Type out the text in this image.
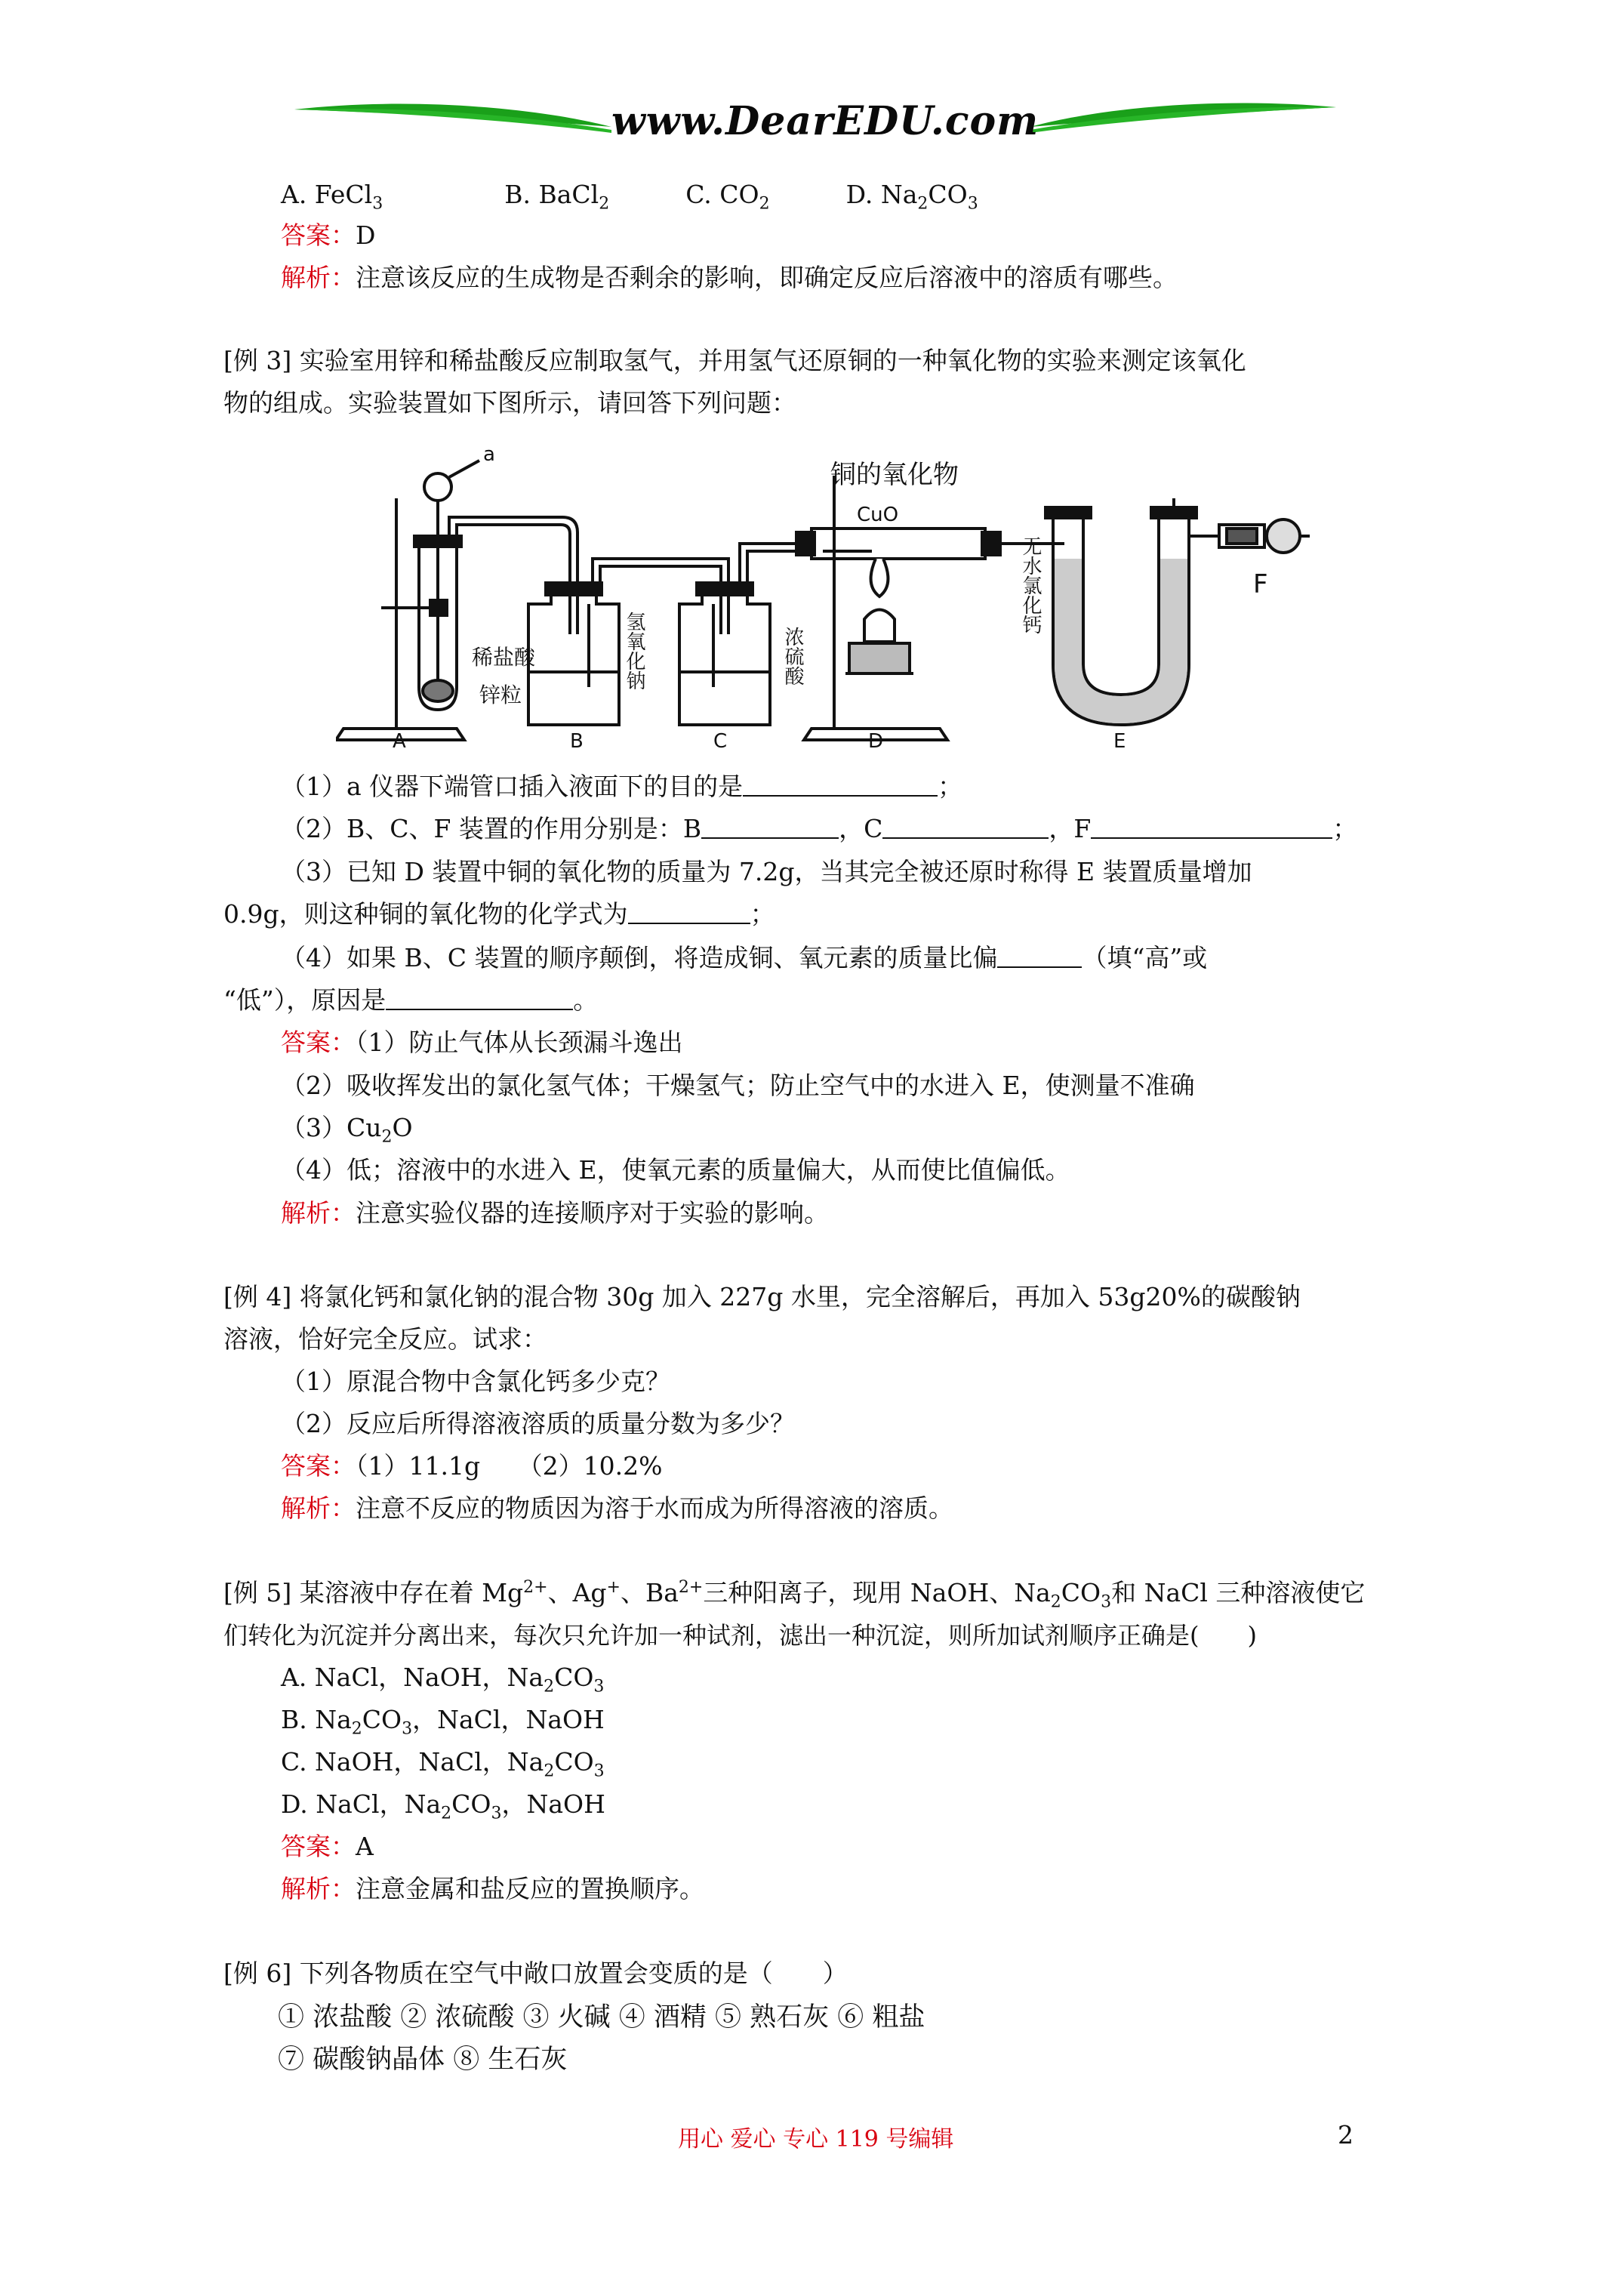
www.DearEDU.com
A. FeCl$_3$	B. BaCl$_2$	C. $CO_2$	D. $Na_2CO_3$
答案：D
解析：注意该反应的生成物是否剩余的影响，即确定反应后溶液中的溶质有哪些。
[例 3] 实验室用锌和稀盐酸反应制取氢气，并用氢气还原铜的一种氧化物的实验来测定该氧化
物的组成。实验装置如下图所示，请回答下列问题：
a
铜的氧化物
CuO
稀盐酸
锌粒
A	B	C	D	E
F
氢氧化钠	浓硫酸
无水氯化钙
（1）a 仪器下端管口插入液面下的目的是	；
（2）B、C、F 装置的作用分别是：B	，C	，F	；
（3）已知 D 装置中铜的氧化物的质量为 7.2g，当其完全被还原时称得 E 装置质量增加
0.9g，则这种铜的氧化物的化学式为	；
（4）如果 B、C 装置的顺序颠倒，将造成铜、氧元素的质量比偏	（填“高”或
“低”），原因是	。
答案：（1）防止气体从长颈漏斗逸出
（2）吸收挥发出的氯化氢气体；干燥氢气；防止空气中的水进入 E，使测量不准确
$(3)Cu_2O$
（4）低；溶液中的水进入 E，使氧元素的质量偏大，从而使比值偏低。
解析：注意实验仪器的连接顺序对于实验的影响。
[例 4] 将氯化钙和氯化钠的混合物 30g 加入 227g 水里，完全溶解后，再加入 53g20%的碳酸钠
溶液，恰好完全反应。试求：
（1）原混合物中含氯化钙多少克？
（2）反应后所得溶液溶质的质量分数为多少？
答案：（1）11.1g　　（2）10.2%
解析：注意不反应的物质因为溶于水而成为所得溶液的溶质。
[例 5] 某溶液中存在着 $Mg^{2+}$、Ag+、$Ba^{2+}$三种阳离子，现用 NaOH、$Na_2CO_3$和 NaCl 三种溶液使它
们转化为沉淀并分离出来，每次只允许加一种试剂，滤出一种沉淀，则所加试剂顺序正确是(　　)
A. NaCl，NaOH，$Na_2CO_3$
B. $Na_2CO_3$，NaCl，NaOH
C. NaOH，NaCl，$Na_2CO_3$
D. NaCl，$Na_2CO_3$，NaOH
答案：A
解析：注意金属和盐反应的置换顺序。
[例 6] 下列各物质在空气中敞口放置会变质的是（　　）
① 浓盐酸 ② 浓硫酸 ③ 火碱 ④ 酒精 ⑤ 熟石灰 ⑥ 粗盐
⑦ 碳酸钠晶体 ⑧ 生石灰
用心 爱心 专心 119 号编辑	2
